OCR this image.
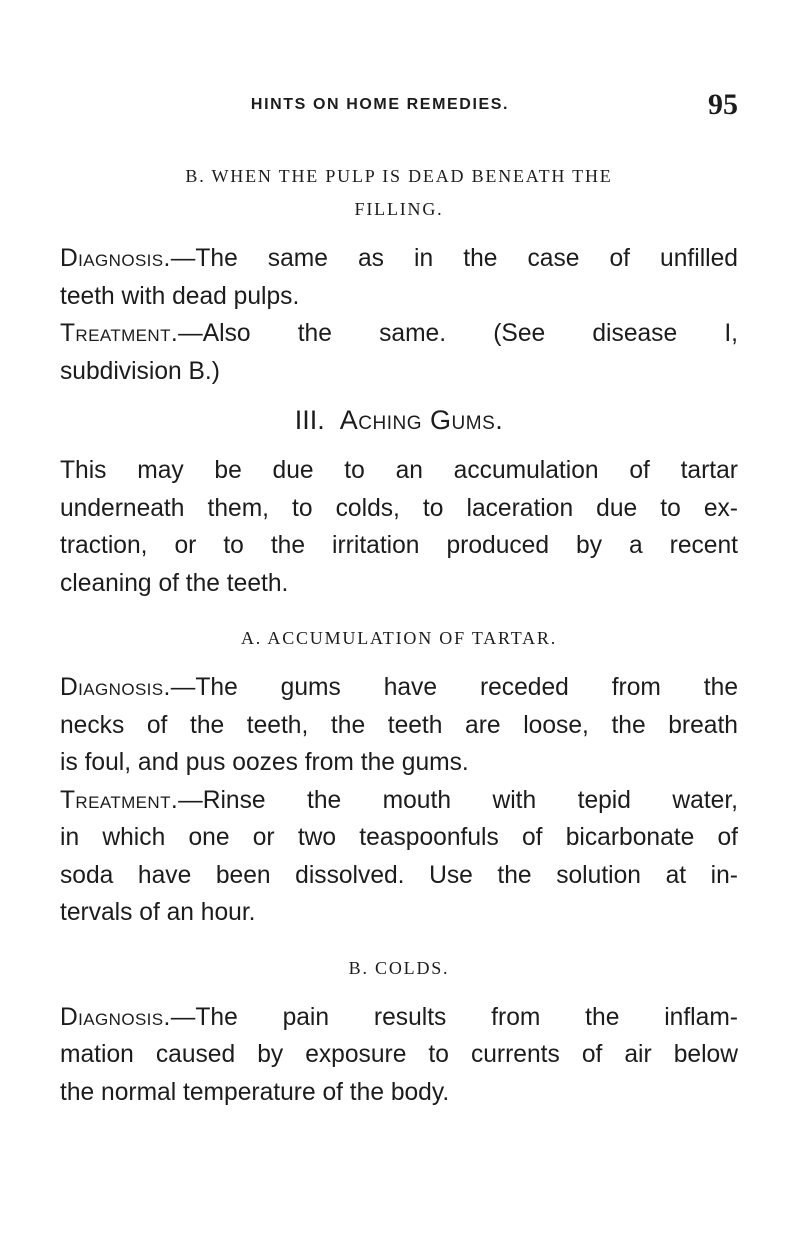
HINTS ON HOME REMEDIES.	95
B. WHEN THE PULP IS DEAD BENEATH THE
FILLING.

Diagnosis.—The same as in the case of unfilled
teeth with dead pulps.

Treatment.—Also the same. (See disease I,
subdivision B.)

III. Aching Gums.

This may be due to an accumulation of tartar
underneath them, to colds, to laceration due to ex-
traction, or to the irritation produced by a recent
cleaning of the teeth.

A. ACCUMULATION OF TARTAR.

Diagnosis.—The gums have receded from the
necks of the teeth, the teeth are loose, the breath
is foul, and pus oozes from the gums.

Treatment.—Rinse the mouth with tepid water,
in which one or two teaspoonfuls of bicarbonate of
soda have been dissolved. Use the solution at in-
tervals of an hour.

B. COLDS.

Diagnosis.—The pain results from the inflam-
mation caused by exposure to currents of air below
the normal temperature of the body.
